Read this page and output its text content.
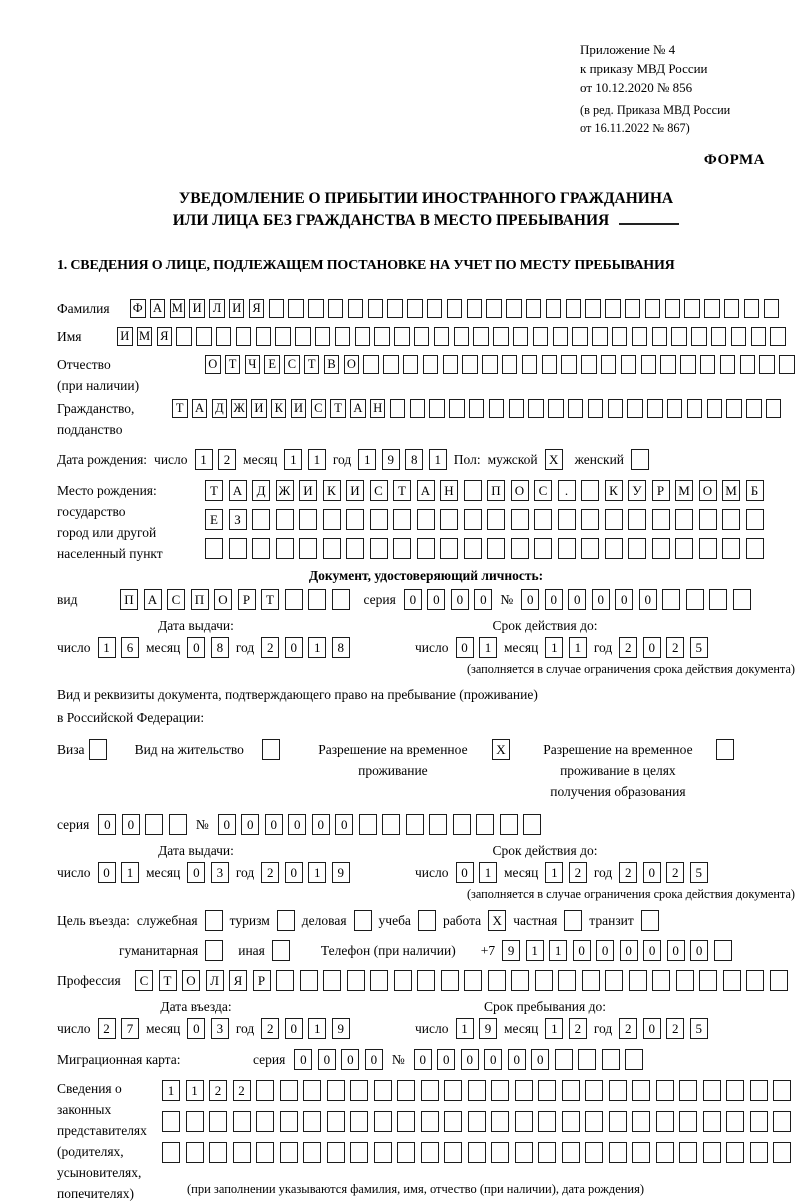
Приложение № 4
к приказу МВД России
от 10.12.2020 № 856
(в ред. Приказа МВД России
от 16.11.2022 № 867)
ФОРМА
УВЕДОМЛЕНИЕ О ПРИБЫТИИ ИНОСТРАННОГО ГРАЖДАНИНА
ИЛИ ЛИЦА БЕЗ ГРАЖДАНСТВА В МЕСТО ПРЕБЫВАНИЯ
1. СВЕДЕНИЯ О ЛИЦЕ, ПОДЛЕЖАЩЕМ ПОСТАНОВКЕ НА УЧЕТ ПО МЕСТУ ПРЕБЫВАНИЯ
Фамилия	Ф А М И Л И Я
Имя	И М Я
Отчество
(при наличии)
О Т Ч Е С Т В О
Гражданство,
подданство
Т А Д Ж И К И С Т А Н
Дата рождения: число 1	2 месяц 1	1 год 1	9	8	1 Пол: мужской X	женский
Место рождения:
государство
город или другой
населенный пункт
Т	А	Д	Ж И	К	И	С	Т	А	Н	П	О	С	.	К	У	Р	М	О	М	Б
Е	З
Документ, удостоверяющий личность:
вид	П	А	С	П	О	Р	Т	серия	0	0	0	0	№	0	0	0	0	0	0
Дата выдачи:
число 1	6 месяц 0	8 год 2	0	1	8
Срок действия до:
число 0	1 месяц 1	1 год 2	0	2	5
(заполняется в случае ограничения срока действия документа)
Вид и реквизиты документа, подтверждающего право на пребывание (проживание)
в Российской Федерации:
Виза	Вид на жительство	Разрешение на временное
проживание
X	Разрешение на временное
проживание в целях
получения образования
серия	0	0	№	0	0	0	0	0	0
Дата выдачи:
число 0	1 месяц 0	3 год 2	0	1	9
Срок действия до:
число 0	1 месяц 1	2 год 2	0	2	5
(заполняется в случае ограничения срока действия документа)
Цель въезда: служебная туризм деловая учеба работа X частная транзит
гуманитарная	иная	Телефон (при наличии) +7 9	1	1	0	0	0	0	0	0
Профессия	С	Т	О	Л	Я	Р
Дата въезда:
число 2	7 месяц 0	3 год 2	0	1	9
Срок пребывания до:
число 1	9 месяц 1	2 год 2	0	2	5
Миграционная карта:	серия	0	0	0	0	№	0	0	0	0	0	0
Сведения о
законных
представителях
(родителях,
усыновителях,
попечителях)
1	1	2	2
(при заполнении указываются фамилия, имя, отчество (при наличии), дата рождения)
